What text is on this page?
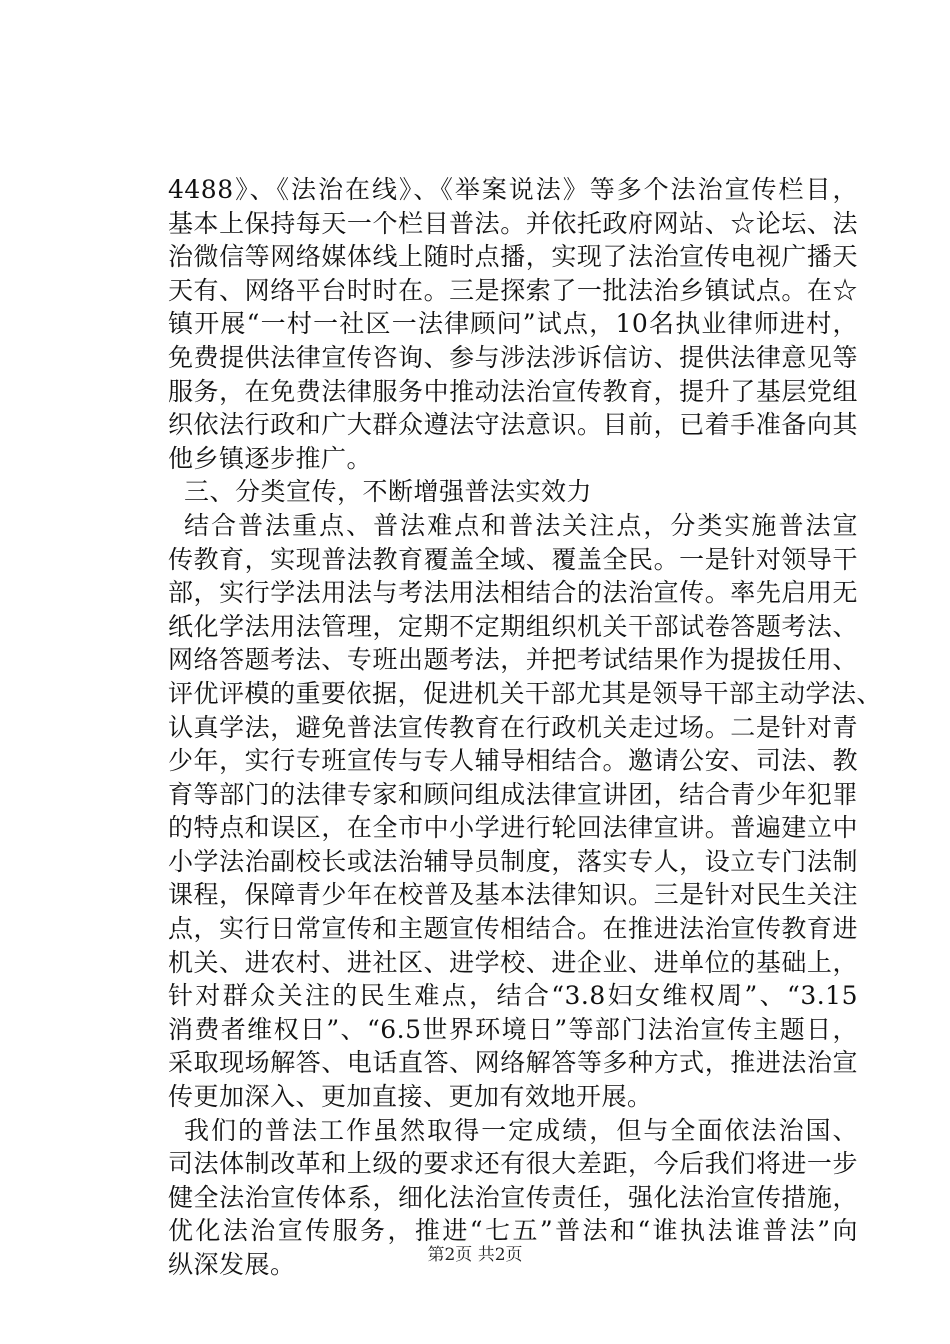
4488》、《法治在线》、《举案说法》等多个法治宣传栏目，
基本上保持每天一个栏目普法。并依托政府网站、☆论坛、法
治微信等网络媒体线上随时点播，实现了法治宣传电视广播天
天有、网络平台时时在。三是探索了一批法治乡镇试点。在☆
镇开展“一村一社区一法律顾问”试点，10名执业律师进村，
免费提供法律宣传咨询、参与涉法涉诉信访、提供法律意见等
服务，在免费法律服务中推动法治宣传教育，提升了基层党组
织依法行政和广大群众遵法守法意识。目前，已着手准备向其
他乡镇逐步推广。
三、分类宣传，不断增强普法实效力
结合普法重点、普法难点和普法关注点，分类实施普法宣
传教育，实现普法教育覆盖全域、覆盖全民。一是针对领导干
部，实行学法用法与考法用法相结合的法治宣传。率先启用无
纸化学法用法管理，定期不定期组织机关干部试卷答题考法、
网络答题考法、专班出题考法，并把考试结果作为提拔任用、
评优评模的重要依据，促进机关干部尤其是领导干部主动学法、
认真学法，避免普法宣传教育在行政机关走过场。二是针对青
少年，实行专班宣传与专人辅导相结合。邀请公安、司法、教
育等部门的法律专家和顾问组成法律宣讲团，结合青少年犯罪
的特点和误区，在全市中小学进行轮回法律宣讲。普遍建立中
小学法治副校长或法治辅导员制度，落实专人，设立专门法制
课程，保障青少年在校普及基本法律知识。三是针对民生关注
点，实行日常宣传和主题宣传相结合。在推进法治宣传教育进
机关、进农村、进社区、进学校、进企业、进单位的基础上，
针对群众关注的民生难点，结合“3.8妇女维权周”、“3.15
消费者维权日”、“6.5世界环境日”等部门法治宣传主题日，
采取现场解答、电话直答、网络解答等多种方式，推进法治宣
传更加深入、更加直接、更加有效地开展。
我们的普法工作虽然取得一定成绩，但与全面依法治国、
司法体制改革和上级的要求还有很大差距，今后我们将进一步
健全法治宣传体系，细化法治宣传责任，强化法治宣传措施，
优化法治宣传服务，推进“七五”普法和“谁执法谁普法”向
纵深发展。	第2页 共2页
